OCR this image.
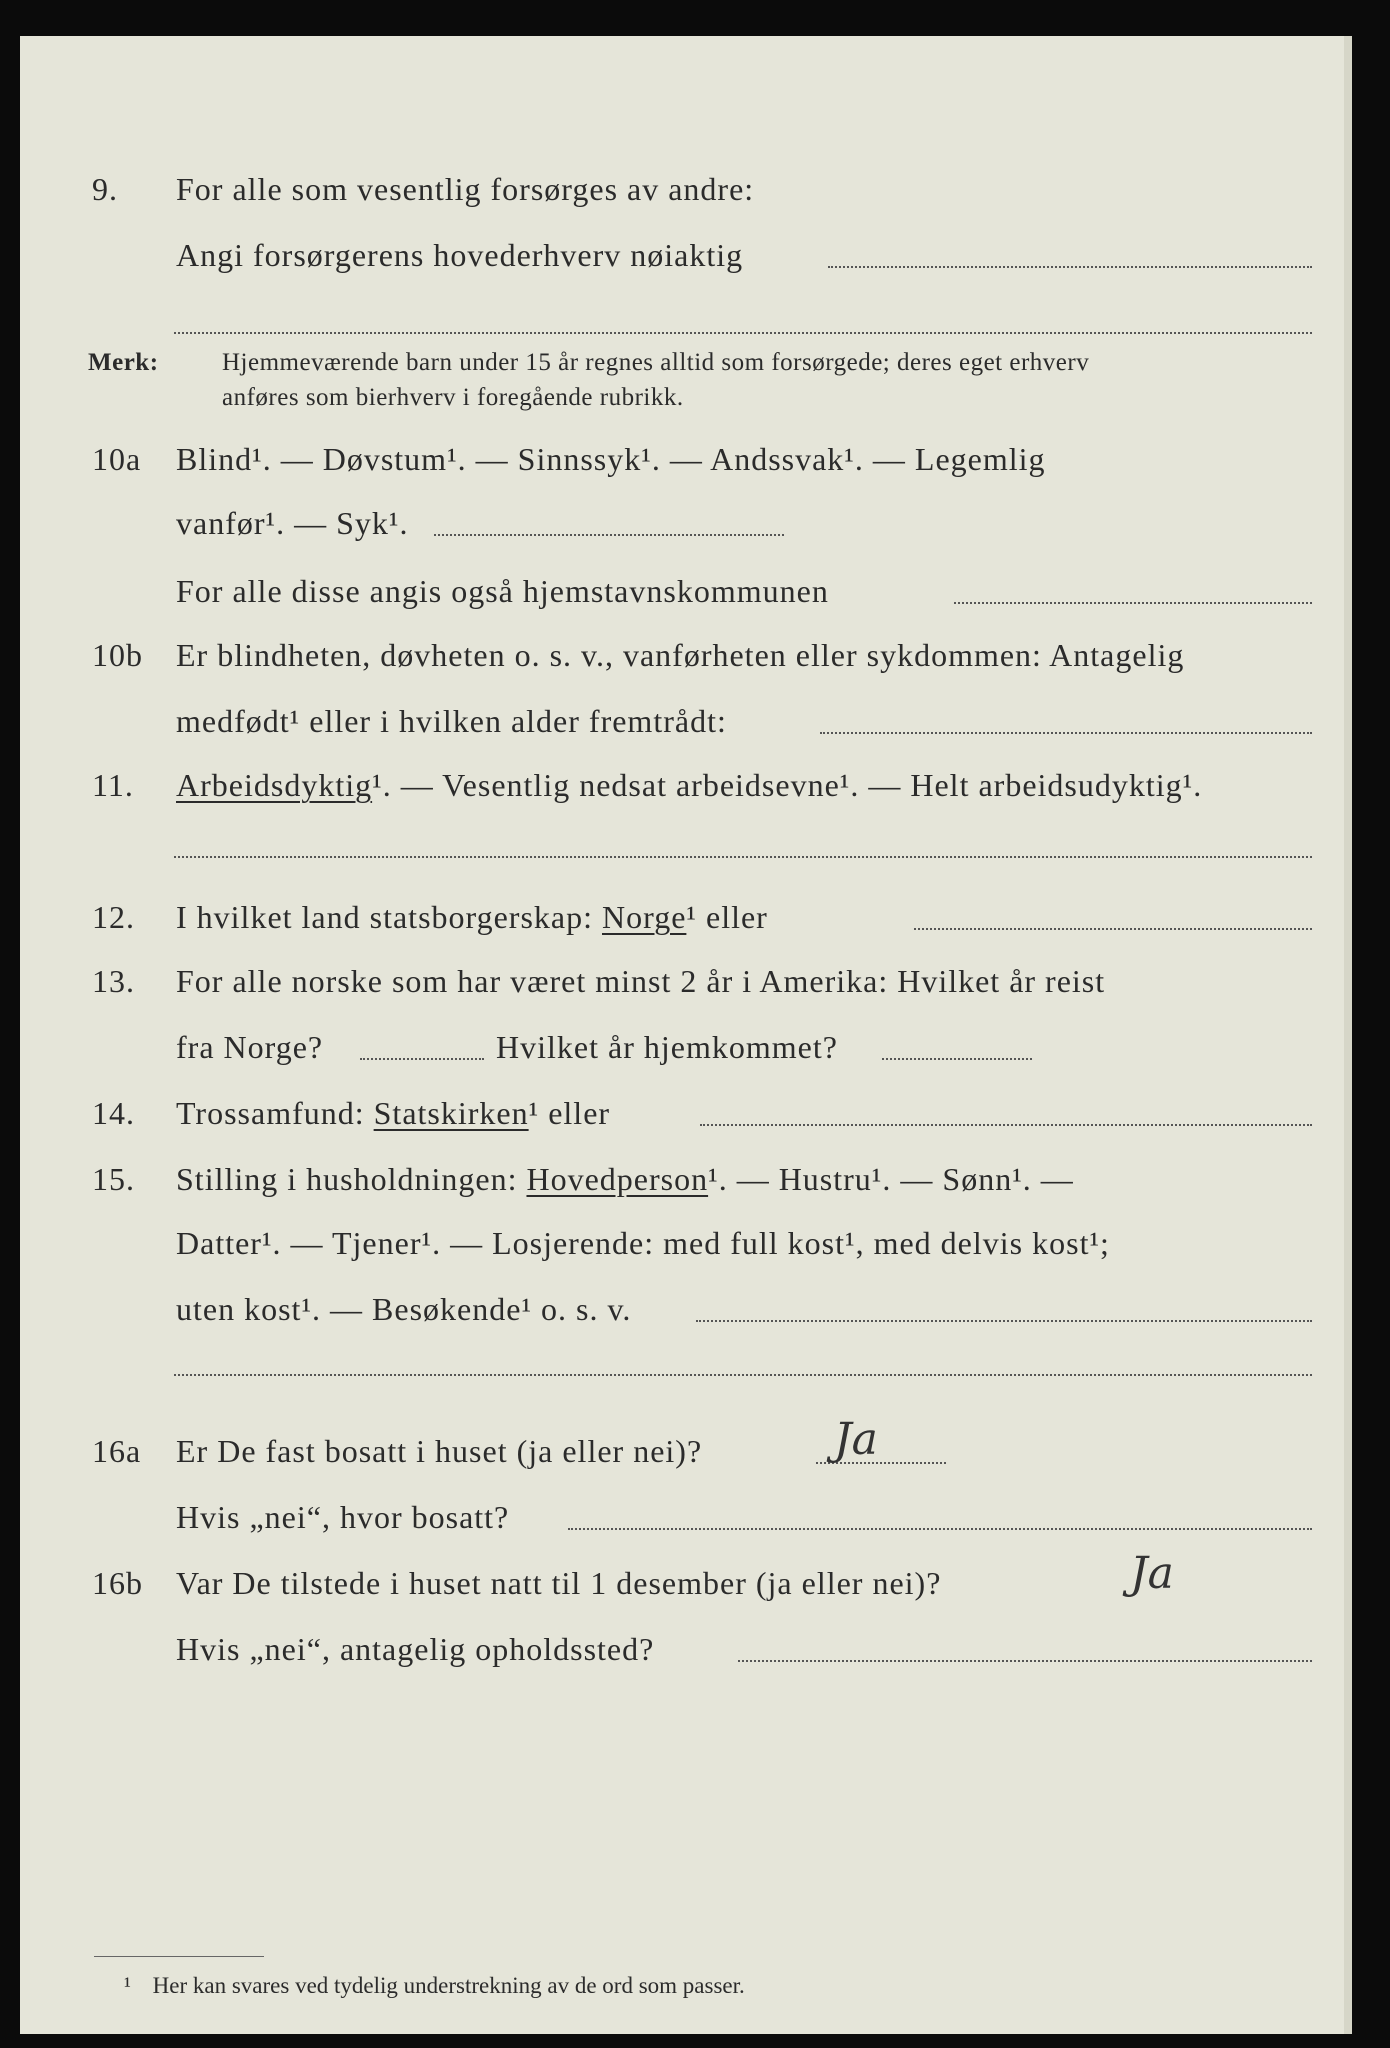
9. For alle som vesentlig forsørges av andre:
Angi forsørgerens hovederhverv nøiaktig
Merk:	Hjemmeværende barn under 15 år regnes alltid som forsørgede; deres eget erhverv
anføres som bierhverv i foregående rubrikk.
10a Blind¹. — Døvstum¹. — Sinnssyk¹. — Andssvak¹. — Legemlig
vanfør¹. — Syk¹.
For alle disse angis også hjemstavnskommunen
10b Er blindheten, døvheten o. s. v., vanførheten eller sykdommen: Antagelig
medfødt¹ eller i hvilken alder fremtrådt:
11. Arbeidsdyktig¹. — Vesentlig nedsat arbeidsevne¹. — Helt arbeidsudyktig¹.
12. I hvilket land statsborgerskap: Norge¹ eller
13. For alle norske som har været minst 2 år i Amerika: Hvilket år reist
fra Norge?	Hvilket år hjemkommet?
14. Trossamfund: Statskirken¹ eller
15. Stilling i husholdningen: Hovedperson¹. — Hustru¹. — Sønn¹. —
Datter¹. — Tjener¹. — Losjerende: med full kost¹, med delvis kost¹;
uten kost¹. — Besøkende¹ o. s. v.
16a Er De fast bosatt i huset (ja eller nei)?	Ja
Hvis „nei“, hvor bosatt?
16b Var De tilstede i huset natt til 1 desember (ja eller nei)?	Ja
Hvis „nei“, antagelig opholdssted?
¹ Her kan svares ved tydelig understrekning av de ord som passer.
